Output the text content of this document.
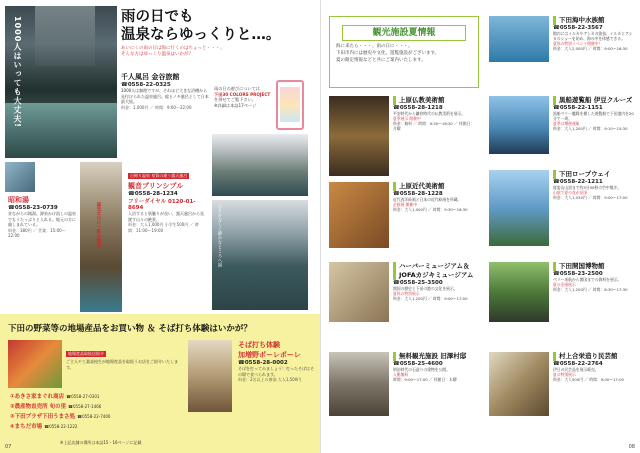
1000人はいっても大丈夫!	雨の日でも
温泉ならゆっくりと…。
あいにくの雨の日は海に行くのはちょっと・・・。
そんな方はゆっくり温泉はいかが？
千人風呂 金谷旅館
☎0558-22-0325
1000人は無理ですが、それほど大きな浴槽から見付けられた温泉風呂。総ヒノキ風呂として日本最大級。
料金：1,000円 ／ 時間：9:00〜22:00
雨の日の遊びについては
下田30 COLORS PROJECT
を併せてご覧下さい。
※詳細は本誌17ページ
昭和湯
☎0558-23-0739
昔ながらの銭湯。源泉かけ流しの温泉でもうたっぷりと入れる。地元の方に親しまれている。
料金：380円 ／ 営業：15:00〜22:00	庭先なのに一軒の銭湯
日帰り温泉 泉質の違う露天風呂
観音プリンシプル
☎0558-28-1234
フリーダイヤル 0120-01-8694
入浴すると肌触りが良い、露天風呂から見渡す山々の絶景。
料金：大人1,000円 小学生500円 ／ 時間：11:00〜19:00	ひとかなしく静かなところへ湯
下田の野菜等の地場産品をお買い物 ＆ そば打ち体験はいかが？
地場産品取扱店紹介
ご主人や工業高校生が地場産品を取扱うお店をご紹介いたします。
①あきさ家まぐれ商店 ☎0558-27-0301
②農産物直売所 旬の里 ☎0558-27-1466
③下田プラザ下田うまさ処 ☎0558-22-7400
④まちだ市場 ☎0558-22-1222
そば打ち体験
加増野ポーレポーレ
☎0558-28-0002
そばを打ってみましょう！打ったそばはその場で食べられます。
料金：2名以上の参加 大人1,500円
※上記店舗の場所は本誌15・16ページに記載
07
観光施設夏情報
海に来たら・・・、雨の日に・・・。
下田市内には歴史や文化、遊覧施設がございます。
夏の限定情報などと共にご案内いたします。
下田海中水族館
☎0558-22-3567
館内にはイルカやアシカの演技、イルカとアシカのショーを始め、海の中を体感できる。
夏休み特別イベント開催中！
料金：大人2,000円 ／ 時間：9:00〜16:30
上原仏教美術館
☎0558-28-1218
平安時代から鎌倉時代の仏教美術を展示。
夏季展示 開催中
料金：無料 ／ 時間：9:30〜16:30 ／ 休館日：月曜
黒船遊覧船 伊豆クルーズ
☎0558-22-1151
黒船ペリー艦隊を模した遊覧船で下田港内を20分で一周。
夏季は増便運航
料金：大人1,200円 ／ 時間：9:10〜15:30
上原近代美術館
☎0558-28-1228
近代西洋絵画と日本の近代絵画を所蔵。
企画展 開催中
料金：大人1,000円 ／ 時間：9:30〜16:30
下田ロープウェイ
☎0558-22-1211
寝姿山山頂まで約3分30秒の空中散歩。
山頂で夏の花が見頃
料金：大人1,030円 ／ 時間：9:00〜17:00
ハーバーミュージアム＆JOFAカジキミュージアム
☎0558-25-3500
開国の歴史と下田の港の文化を展示。
夏休み特別展示
料金：大人1,200円 ／ 時間：9:00〜17:00
下田開国博物館
☎0558-23-2500
ペリー来航から開国までの資料を展示。
夏の企画展示
料金：大人1,200円 ／ 時間：8:30〜17:30
無料観光施設 旧澤村邸
☎0558-25-4600
明治時代の石造りの建物を公開。
入館無料
時間：9:00〜17:00 ／ 休館日：水曜
村上合栄造り民芸館
☎0558-22-2764
伊豆の民芸品を展示販売。
夏の特別展示
料金：大人500円 ／ 時間：9:00〜17:00
08
